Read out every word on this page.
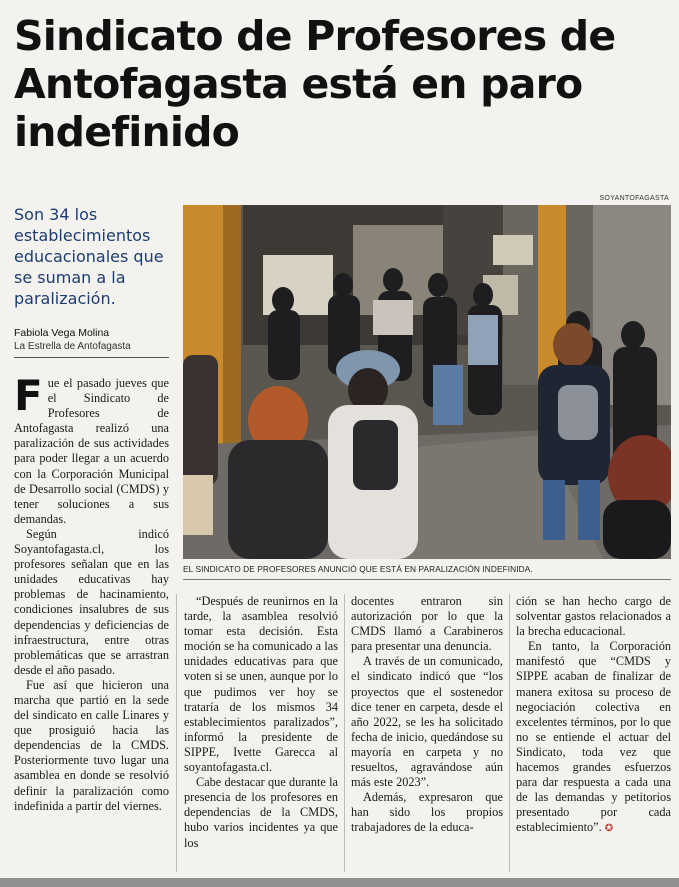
Sindicato de Profesores de Antofagasta está en paro indefinido

Son 34 los establecimientos educacionales que se suman a la paralización.

Fabiola Vega Molina
La Estrella de Antofagasta
SOYANTOFAGASTA
EL SINDICATO DE PROFESORES ANUNCIÓ QUE ESTÁ EN PARALIZACIÓN INDEFINIDA.

Fue el pasado jueves que el Sindicato de Profesores de Antofagasta realizó una paralización de sus actividades para poder llegar a un acuerdo con la Corporación Municipal de Desarrollo social (CMDS) y tener soluciones a sus demandas.

Según indicó Soyantofagasta.cl, los profesores señalan que en las unidades educativas hay problemas de hacinamiento, condiciones insalubres de sus dependencias y deficiencias de infraestructura, entre otras problemáticas que se arrastran desde el año pasado.

Fue así que hicieron una marcha que partió en la sede del sindicato en calle Linares y que prosiguió hacia las dependencias de la CMDS. Posteriormente tuvo lugar una asamblea en donde se resolvió definir la paralización como indefinida a partir del viernes.

“Después de reunirnos en la tarde, la asamblea resolvió tomar esta decisión. Esta moción se ha comunicado a las unidades educativas para que voten si se unen, aunque por lo que pudimos ver hoy se trataría de los mismos 34 establecimientos paralizados”, informó la presidente de SIPPE, Ivette Garecca al soyantofagasta.cl.

Cabe destacar que durante la presencia de los profesores en dependencias de la CMDS, hubo varios incidentes ya que los

docentes entraron sin autorización por lo que la CMDS llamó a Carabineros para presentar una denuncia.

A través de un comunicado, el sindicato indicó que “los proyectos que el sostenedor dice tener en carpeta, desde el año 2022, se les ha solicitado fecha de inicio, quedándose su mayoría en carpeta y no resueltos, agravándose aún más este 2023”.

Además, expresaron que han sido los propios trabajadores de la educa-

ción se han hecho cargo de solventar gastos relacionados a la brecha educacional.

En tanto, la Corporación manifestó que “CMDS y SIPPE acaban de finalizar de manera exitosa su proceso de negociación colectiva en excelentes términos, por lo que no se entiende el actuar del Sindicato, toda vez que hacemos grandes esfuerzos para dar respuesta a cada una de las demandas y petitorios presentado por cada establecimiento”. ✪
